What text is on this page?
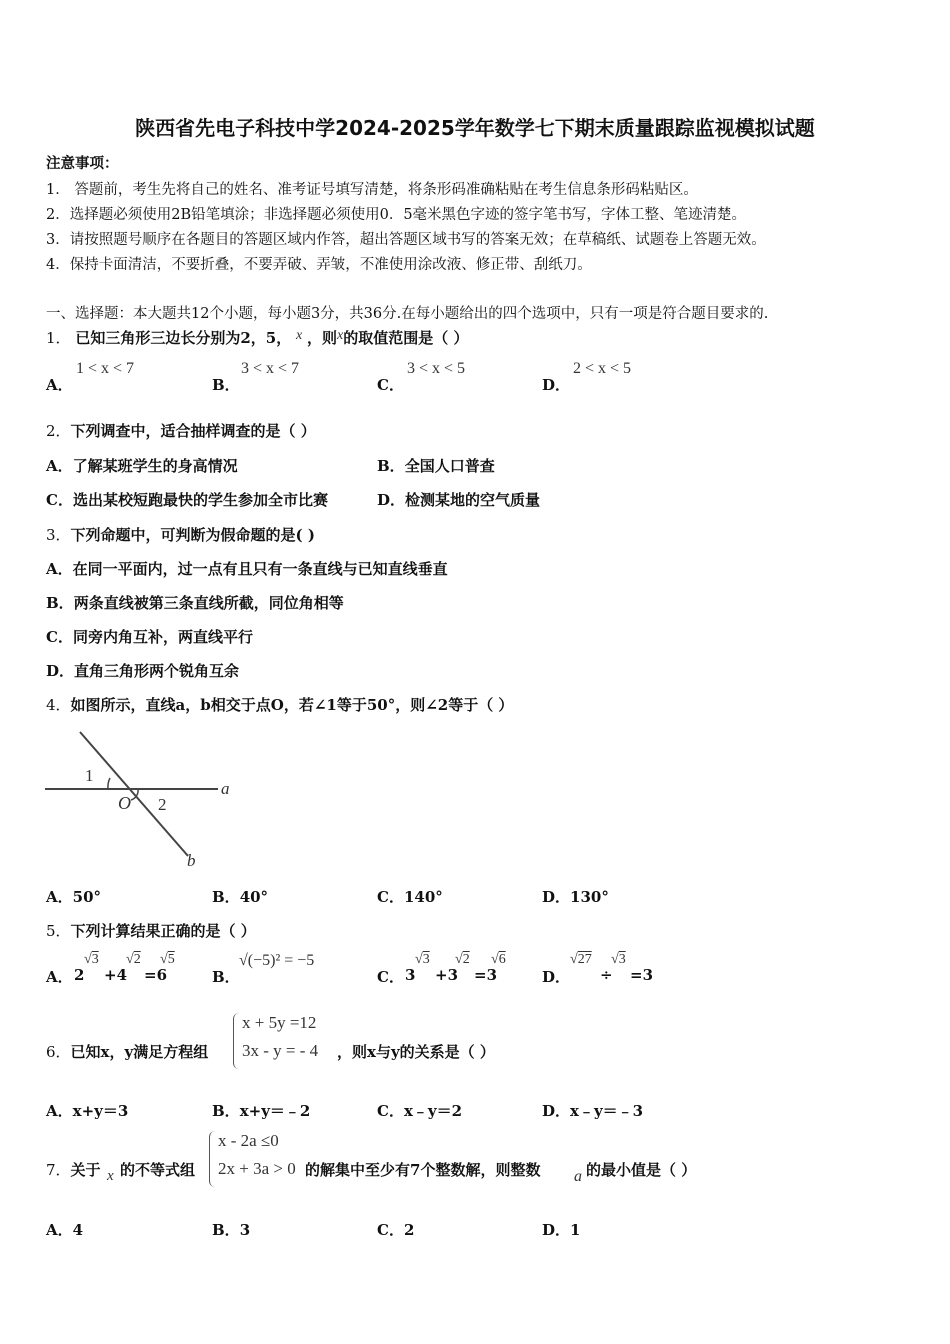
陕西省先电子科技中学2024-2025学年数学七下期末质量跟踪监视模拟试题
注意事项：
1． 答题前，考生先将自己的姓名、准考证号填写清楚，将条形码准确粘贴在考生信息条形码粘贴区。
2．选择题必须使用2B铅笔填涂；非选择题必须使用0．5毫米黑色字迹的签字笔书写，字体工整、笔迹清楚。
3．请按照题号顺序在各题目的答题区域内作答，超出答题区域书写的答案无效；在草稿纸、试题卷上答题无效。
4．保持卡面清洁，不要折叠，不要弄破、弄皱，不准使用涂改液、修正带、刮纸刀。
一、选择题：本大题共12个小题，每小题3分，共36分.在每小题给出的四个选项中，只有一项是符合题目要求的.
1． 已知三角形三边长分别为2，5， x ，则x的取值范围是（ ）
A．
1 < x < 7
B．
3 < x < 7
C．
3 < x < 5
D．
2 < x < 5
2．下列调查中，适合抽样调查的是（ ）
A．了解某班学生的身高情况	B．全国人口普查
C．选出某校短跑最快的学生参加全市比赛	D．检测某地的空气质量
3．下列命题中，可判断为假命题的是( )
A．在同一平面内，过一点有且只有一条直线与已知直线垂直
B．两条直线被第三条直线所截，同位角相等
C．同旁内角互补，两直线平行
D．直角三角形两个锐角互余
4．如图所示，直线a，b相交于点O，若∠1等于50°，则∠2等于（ ）
1
O 2
a
b
A．50°	B．40°	C．140°	D．130°
5．下列计算结果正确的是（ ）
A． 2
√3
+4
√2
=6
√5
B．
√(−5)² = −5
C． 3
√3
+3
√2
=3
√6
D．
√27
÷
√3
=3
6．已知x，y满足方程组
x + 5y =12
3x - y = - 4 ，则x与y的关系是（ ）
A．x+y＝3	B．x+y＝﹣2	C．x﹣y＝2	D．x﹣y＝﹣3
7．关于 x 的不等式组
x - 2a ≤0
2x + 3a > 0 的解集中至少有7个整数解，则整数 a 的最小值是（ ）
A．4	B．3	C．2	D．1
